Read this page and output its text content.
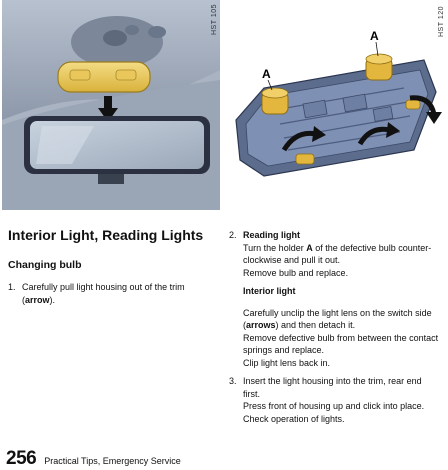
HST 105
A
A	HST 120
Interior Light, Reading Lights
Changing bulb
1. Carefully pull light housing out of the trim (arrow).

2. Reading light

Turn the holder A of the defective bulb counter-clockwise and pull it out.

Remove bulb and replace.

Interior light

Carefully unclip the light lens on the switch side (arrows) and then detach it.

Remove defective bulb from between the contact springs and replace.

Clip light lens back in.

3. Insert the light housing into the trim, rear end first.

Press front of housing up and click into place.

Check operation of lights.

256 Practical Tips, Emergency Service
